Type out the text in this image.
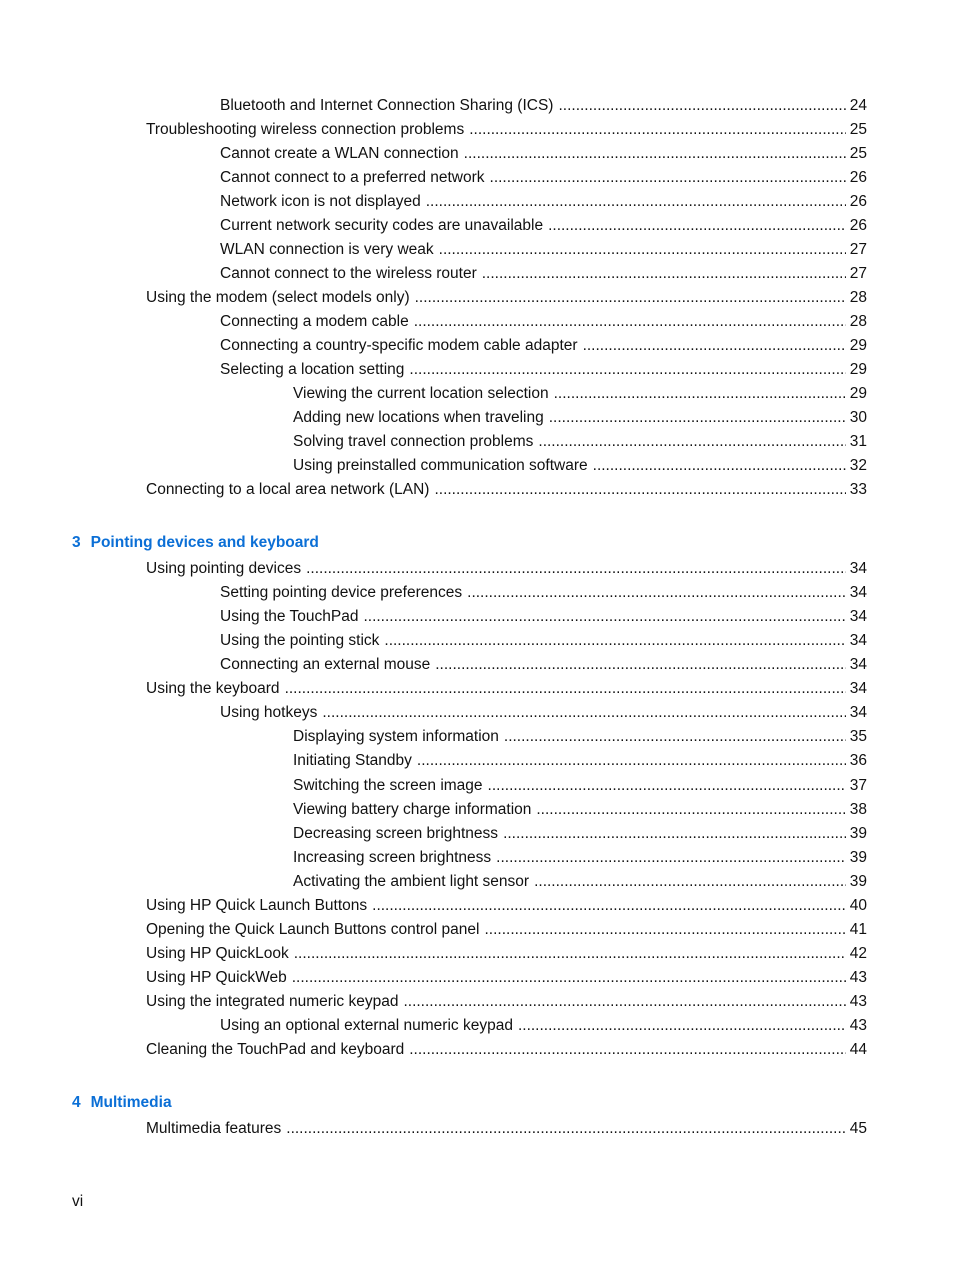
Bluetooth and Internet Connection Sharing (ICS) .....	24
Troubleshooting wireless connection problems .....	25
Cannot create a WLAN connection .....	25
Cannot connect to a preferred network .....	26
Network icon is not displayed .....	26
Current network security codes are unavailable .....	26
WLAN connection is very weak .....	27
Cannot connect to the wireless router .....	27
Using the modem (select models only) .....	28
Connecting a modem cable .....	28
Connecting a country-specific modem cable adapter .....	29
Selecting a location setting .....	29
Viewing the current location selection .....	29
Adding new locations when traveling .....	30
Solving travel connection problems .....	31
Using preinstalled communication software .....	32
Connecting to a local area network (LAN) .....	33
3 Pointing devices and keyboard
Using pointing devices .....	34
Setting pointing device preferences .....	34
Using the TouchPad .....	34
Using the pointing stick .....	34
Connecting an external mouse .....	34
Using the keyboard .....	34
Using hotkeys .....	34
Displaying system information .....	35
Initiating Standby .....	36
Switching the screen image .....	37
Viewing battery charge information .....	38
Decreasing screen brightness .....	39
Increasing screen brightness .....	39
Activating the ambient light sensor .....	39
Using HP Quick Launch Buttons .....	40
Opening the Quick Launch Buttons control panel .....	41
Using HP QuickLook .....	42
Using HP QuickWeb .....	43
Using the integrated numeric keypad .....	43
Using an optional external numeric keypad .....	43
Cleaning the TouchPad and keyboard .....	44
4 Multimedia
Multimedia features .....	45
vi
